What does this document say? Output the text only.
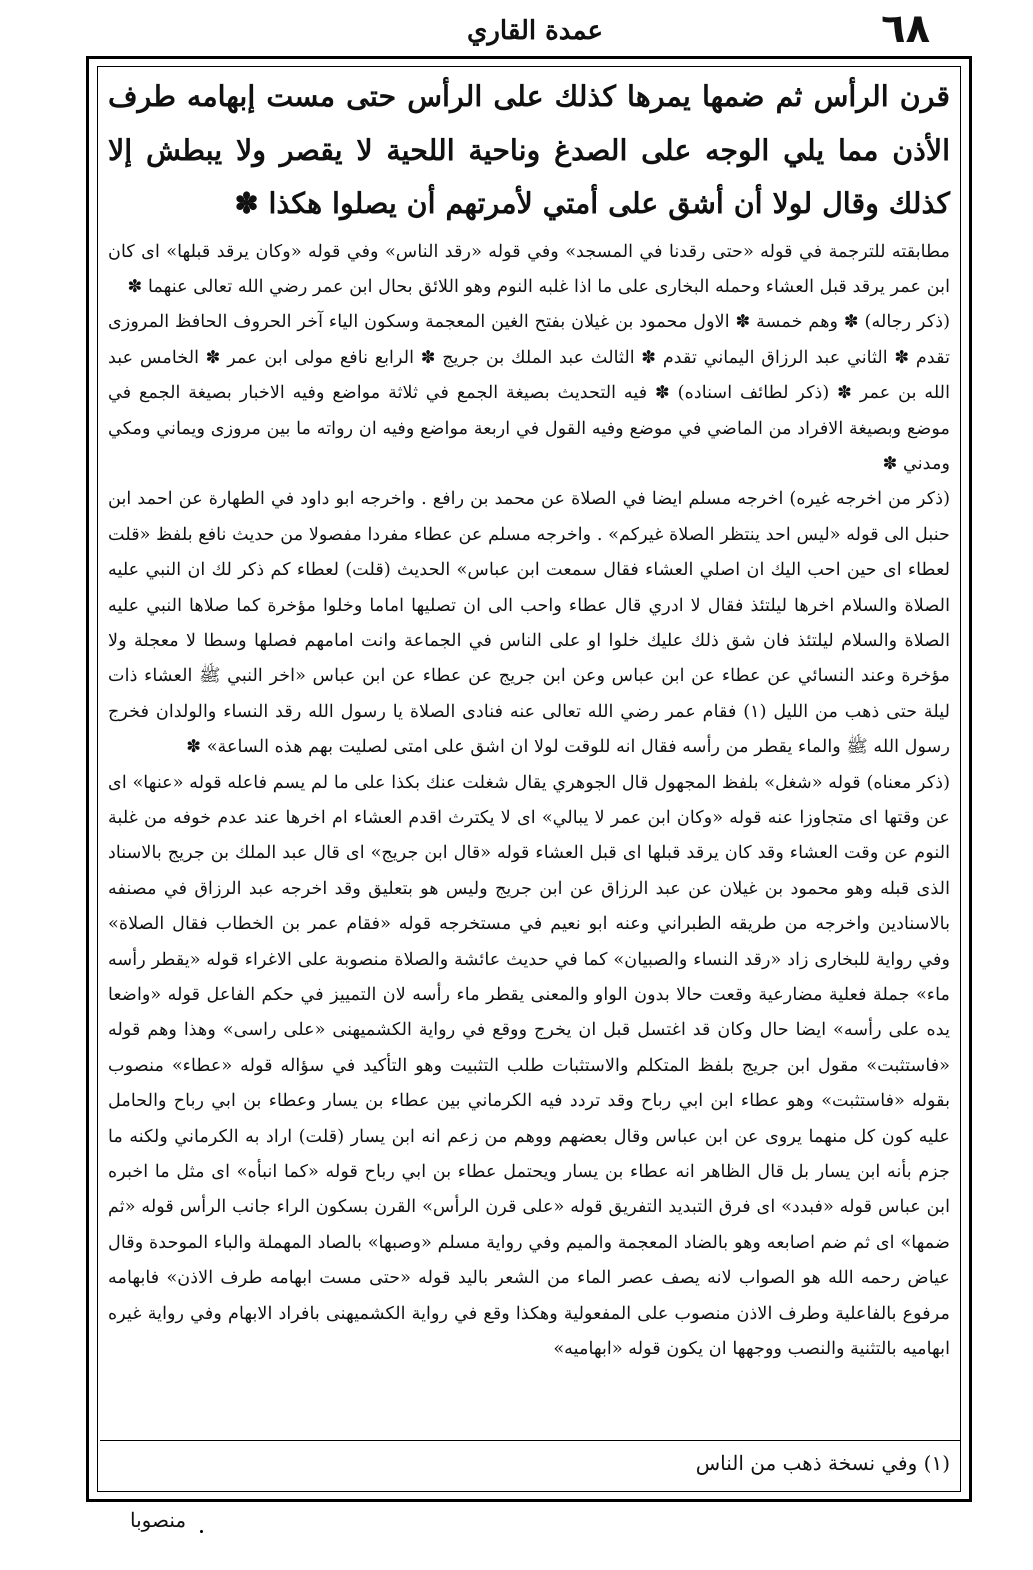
٦٨
عمدة القاري

قرن الرأس ثم ضمها يمرها كذلك على الرأس حتى مست إبهامه طرف الأذن مما يلي الوجه على الصدغ وناحية اللحية لا يقصر ولا يبطش إلا كذلك وقال لولا أن أشق على أمتي لأمرتهم أن يصلوا هكذا ✽

مطابقته للترجمة في قوله «حتى رقدنا في المسجد» وفي قوله «رقد الناس» وفي قوله «وكان يرقد قبلها» اى كان ابن عمر يرقد قبل العشاء وحمله البخارى على ما اذا غلبه النوم وهو اللائق بحال ابن عمر رضي الله تعالى عنهما ✽

(ذكر رجاله) ✽ وهم خمسة ✽ الاول محمود بن غيلان بفتح الغين المعجمة وسكون الياء آخر الحروف الحافظ المروزى تقدم ✽ الثاني عبد الرزاق اليماني تقدم ✽ الثالث عبد الملك بن جريج ✽ الرابع نافع مولى ابن عمر ✽ الخامس عبد الله بن عمر ✽ (ذكر لطائف اسناده) ✽ فيه التحديث بصيغة الجمع في ثلاثة مواضع وفيه الاخبار بصيغة الجمع في موضع وبصيغة الافراد من الماضي في موضع وفيه القول في اربعة مواضع وفيه ان رواته ما بين مروزى ويماني ومكي ومدني ✽

(ذكر من اخرجه غيره) اخرجه مسلم ايضا في الصلاة عن محمد بن رافع . واخرجه ابو داود في الطهارة عن احمد ابن حنبل الى قوله «ليس احد ينتظر الصلاة غيركم» . واخرجه مسلم عن عطاء مفردا مفصولا من حديث نافع بلفظ «قلت لعطاء اى حين احب اليك ان اصلي العشاء فقال سمعت ابن عباس» الحديث (قلت) لعطاء كم ذكر لك ان النبي عليه الصلاة والسلام اخرها ليلتئذ فقال لا ادري قال عطاء واحب الى ان تصليها اماما وخلوا مؤخرة كما صلاها النبي عليه الصلاة والسلام ليلتئذ فان شق ذلك عليك خلوا او على الناس في الجماعة وانت امامهم فصلها وسطا لا معجلة ولا مؤخرة وعند النسائي عن عطاء عن ابن عباس وعن ابن جريج عن عطاء عن ابن عباس «اخر النبي ﷺ العشاء ذات ليلة حتى ذهب من الليل (١) فقام عمر رضي الله تعالى عنه فنادى الصلاة يا رسول الله رقد النساء والولدان فخرج رسول الله ﷺ والماء يقطر من رأسه فقال انه للوقت لولا ان اشق على امتى لصليت بهم هذه الساعة» ✽

(ذكر معناه) قوله «شغل» بلفظ المجهول قال الجوهري يقال شغلت عنك بكذا على ما لم يسم فاعله قوله «عنها» اى عن وقتها اى متجاوزا عنه قوله «وكان ابن عمر لا يبالي» اى لا يكترث اقدم العشاء ام اخرها عند عدم خوفه من غلبة النوم عن وقت العشاء وقد كان يرقد قبلها اى قبل العشاء قوله «قال ابن جريج» اى قال عبد الملك بن جريج بالاسناد الذى قبله وهو محمود بن غيلان عن عبد الرزاق عن ابن جريج وليس هو بتعليق وقد اخرجه عبد الرزاق في مصنفه بالاسنادين واخرجه من طريقه الطبراني وعنه ابو نعيم في مستخرجه قوله «فقام عمر بن الخطاب فقال الصلاة» وفي رواية للبخارى زاد «رقد النساء والصبيان» كما في حديث عائشة والصلاة منصوبة على الاغراء قوله «يقطر رأسه ماء» جملة فعلية مضارعية وقعت حالا بدون الواو والمعنى يقطر ماء رأسه لان التمييز في حكم الفاعل قوله «واضعا يده على رأسه» ايضا حال وكان قد اغتسل قبل ان يخرج ووقع في رواية الكشميهنى «على راسى» وهذا وهم قوله «فاستثبت» مقول ابن جريج بلفظ المتكلم والاستثبات طلب التثبيت وهو التأكيد في سؤاله قوله «عطاء» منصوب بقوله «فاستثبت» وهو عطاء ابن ابي رباح وقد تردد فيه الكرماني بين عطاء بن يسار وعطاء بن ابي رباح والحامل عليه كون كل منهما يروى عن ابن عباس وقال بعضهم ووهم من زعم انه ابن يسار (قلت) اراد به الكرماني ولكنه ما جزم بأنه ابن يسار بل قال الظاهر انه عطاء بن يسار ويحتمل عطاء بن ابي رباح قوله «كما انبأه» اى مثل ما اخبره ابن عباس قوله «فبدد» اى فرق التبديد التفريق قوله «على قرن الرأس» القرن بسكون الراء جانب الرأس قوله «ثم ضمها» اى ثم ضم اصابعه وهو بالضاد المعجمة والميم وفي رواية مسلم «وصبها» بالصاد المهملة والباء الموحدة وقال عياض رحمه الله هو الصواب لانه يصف عصر الماء من الشعر باليد قوله «حتى مست ابهامه طرف الاذن» فابهامه مرفوع بالفاعلية وطرف الاذن منصوب على المفعولية وهكذا وقع في رواية الكشميهنى بافراد الابهام وفي رواية غيره ابهاميه بالتثنية والنصب ووجهها ان يكون قوله «ابهاميه»

(١) وفي نسخة ذهب من الناس
منصوبا
